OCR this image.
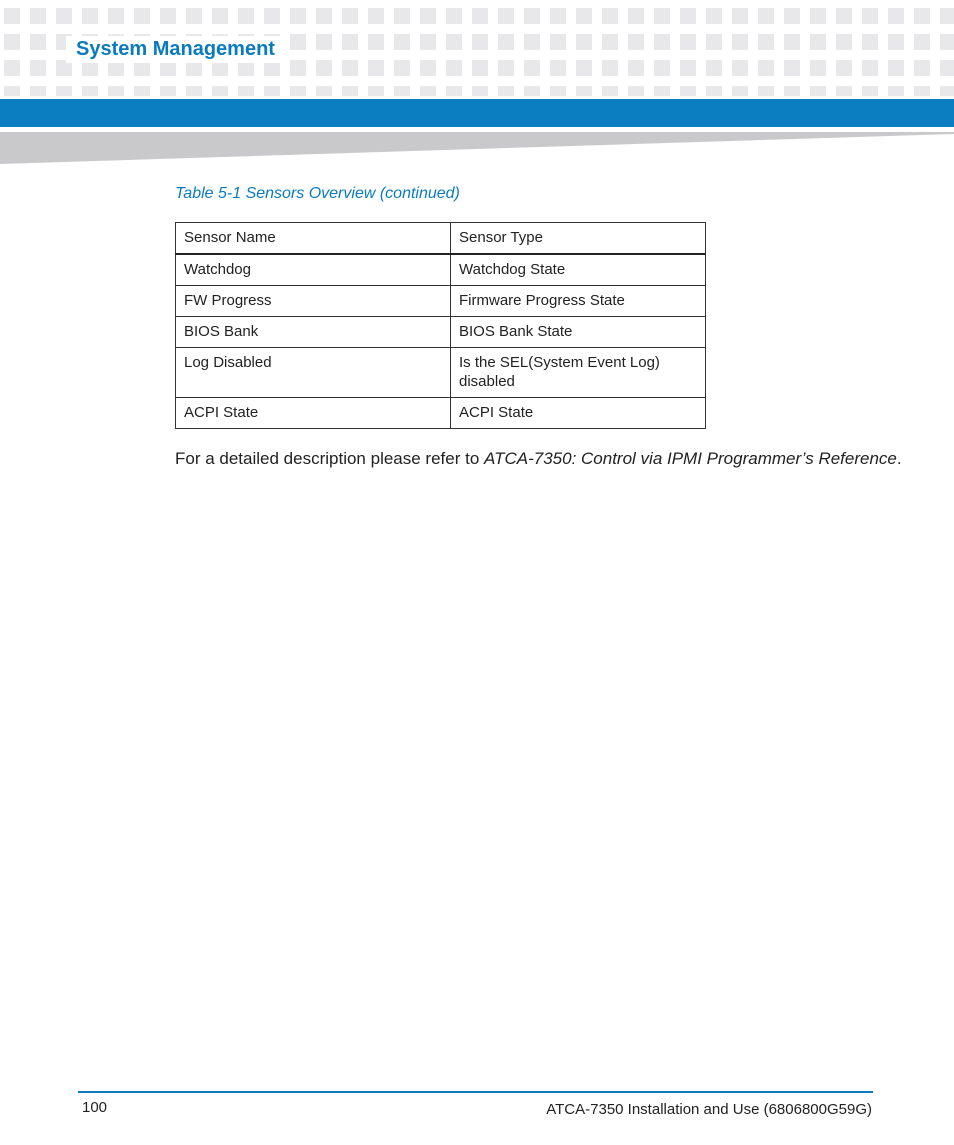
System Management
Table 5-1 Sensors Overview (continued)
Sensor Name	Sensor Type
Watchdog	Watchdog State
FW Progress	Firmware Progress State
BIOS Bank	BIOS Bank State
Log Disabled	Is the SEL(System Event Log) disabled
ACPI State	ACPI State
For a detailed description please refer to ATCA-7350: Control via IPMI Programmer’s Reference.
100	ATCA-7350 Installation and Use (6806800G59G)
